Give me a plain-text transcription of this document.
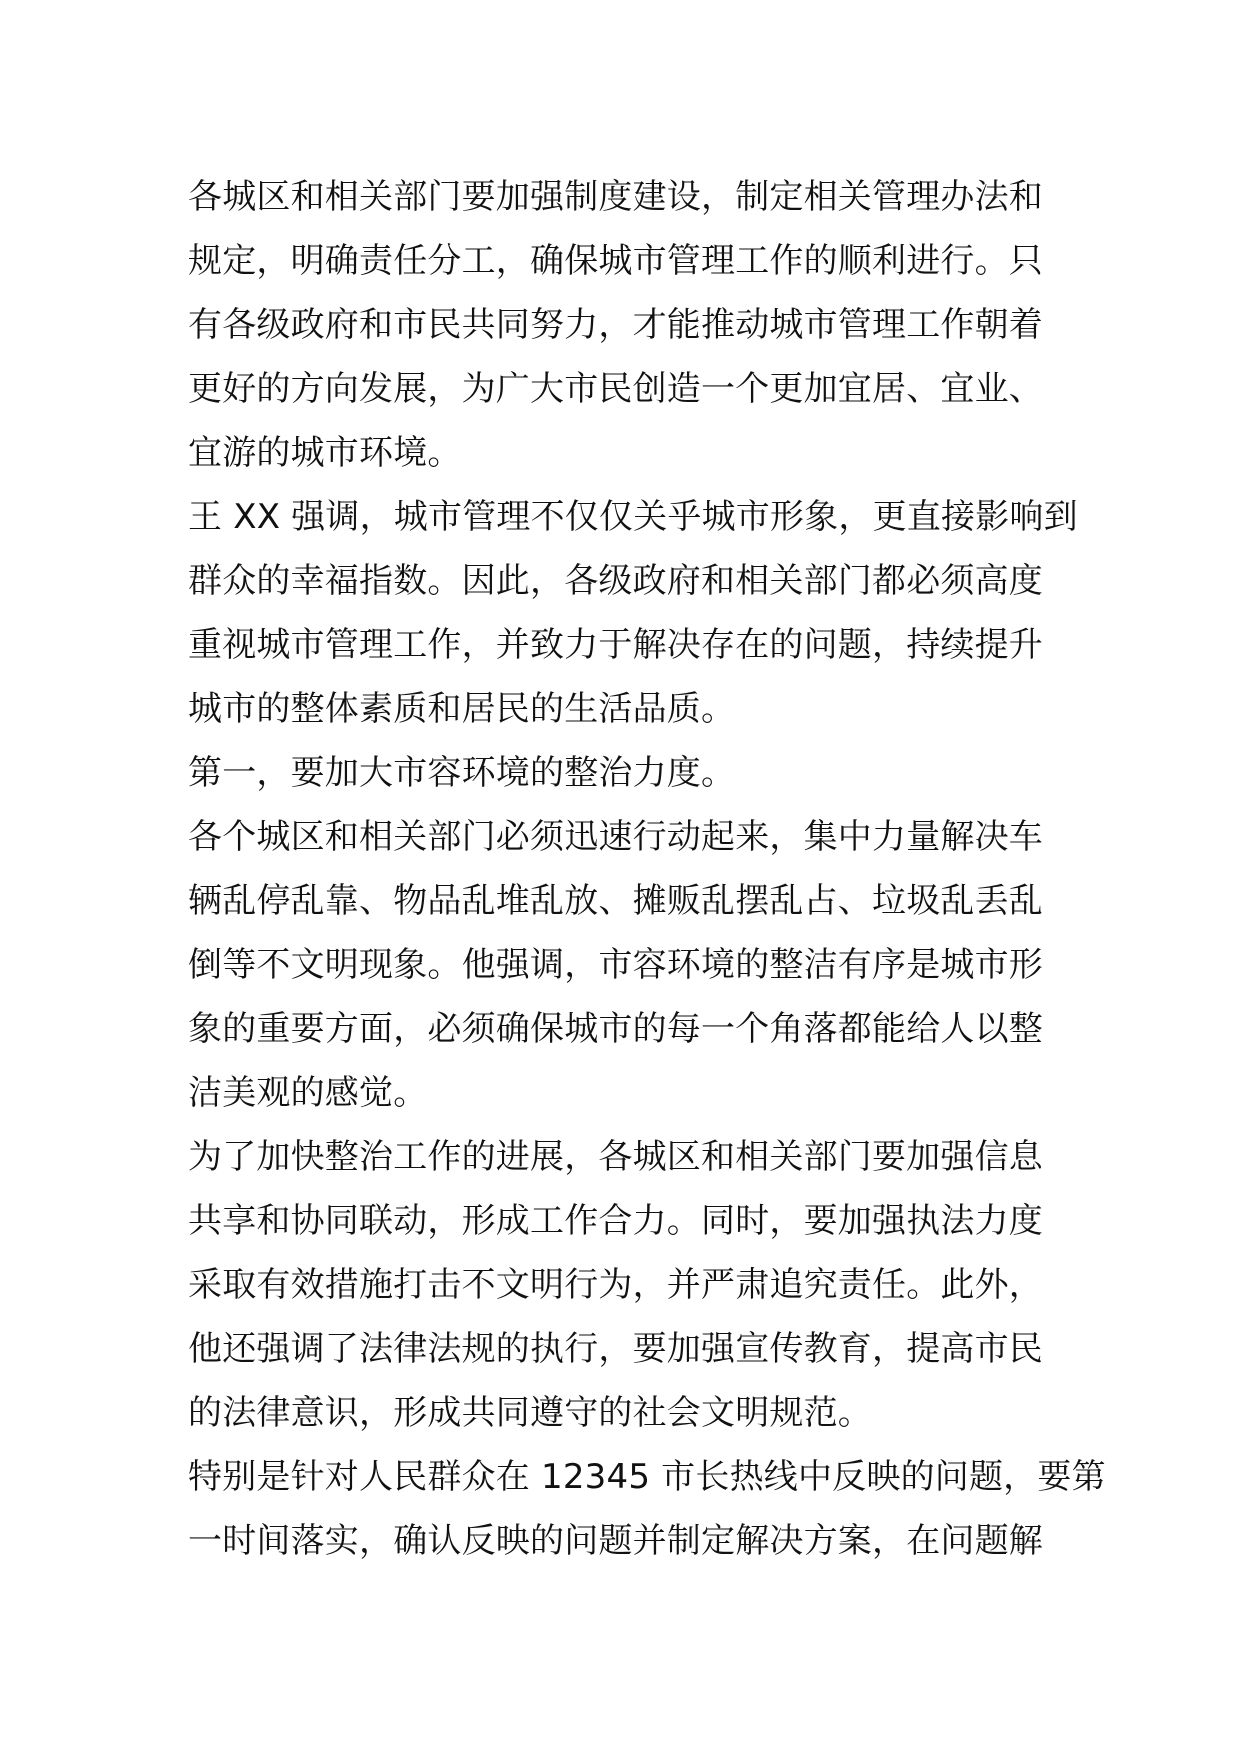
各城区和相关部门要加强制度建设，制定相关管理办法和
规定，明确责任分工，确保城市管理工作的顺利进行。只
有各级政府和市民共同努力，才能推动城市管理工作朝着
更好的方向发展，为广大市民创造一个更加宜居、宜业、
宜游的城市环境。
王 XX 强调，城市管理不仅仅关乎城市形象，更直接影响到
群众的幸福指数。因此，各级政府和相关部门都必须高度
重视城市管理工作，并致力于解决存在的问题，持续提升
城市的整体素质和居民的生活品质。
第一，要加大市容环境的整治力度。
各个城区和相关部门必须迅速行动起来，集中力量解决车
辆乱停乱靠、物品乱堆乱放、摊贩乱摆乱占、垃圾乱丢乱
倒等不文明现象。他强调，市容环境的整洁有序是城市形
象的重要方面，必须确保城市的每一个角落都能给人以整
洁美观的感觉。
为了加快整治工作的进展，各城区和相关部门要加强信息
共享和协同联动，形成工作合力。同时，要加强执法力度
采取有效措施打击不文明行为，并严肃追究责任。此外，
他还强调了法律法规的执行，要加强宣传教育，提高市民
的法律意识，形成共同遵守的社会文明规范。
特别是针对人民群众在 12345 市长热线中反映的问题，要第
一时间落实，确认反映的问题并制定解决方案，在问题解
